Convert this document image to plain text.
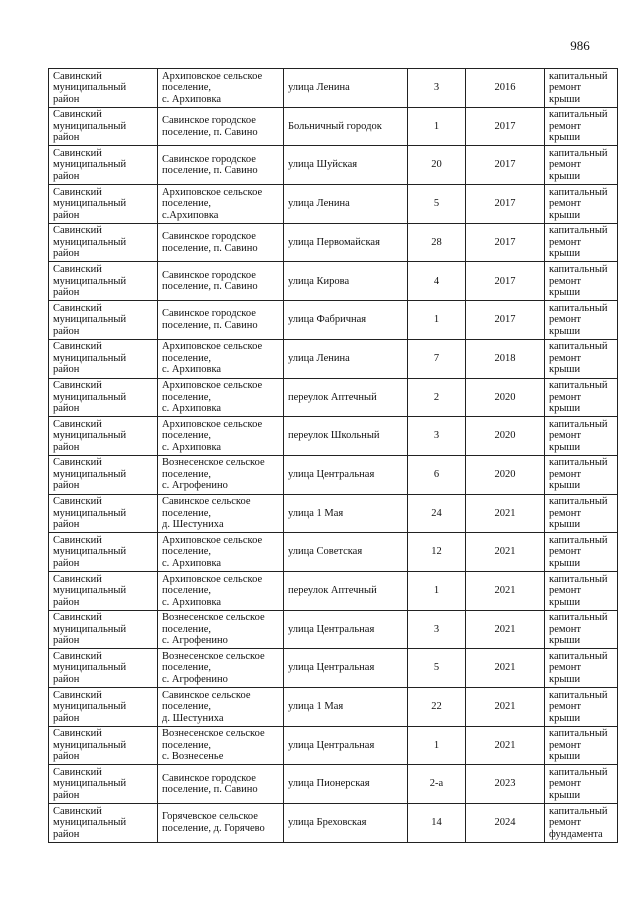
986
Савинский муниципальный район	Архиповское сельское
поселение,
с. Архиповка	улица Ленина	3	2016	капитальный ремонт крыши
Савинский муниципальный район	Савинское городское
поселение, п. Савино	Больничный городок	1	2017	капитальный ремонт крыши
Савинский муниципальный район	Савинское городское
поселение, п. Савино	улица Шуйская	20	2017	капитальный ремонт крыши
Савинский муниципальный район	Архиповское сельское
поселение,
с.Архиповка	улица Ленина	5	2017	капитальный ремонт крыши
Савинский муниципальный район	Савинское городское
поселение, п. Савино	улица Первомайская	28	2017	капитальный ремонт крыши
Савинский муниципальный район	Савинское городское
поселение, п. Савино	улица Кирова	4	2017	капитальный ремонт крыши
Савинский муниципальный район	Савинское городское
поселение, п. Савино	улица Фабричная	1	2017	капитальный ремонт крыши
Савинский муниципальный район	Архиповское сельское
поселение,
с. Архиповка	улица Ленина	7	2018	капитальный ремонт крыши
Савинский муниципальный район	Архиповское сельское
поселение,
с. Архиповка	переулок Аптечный	2	2020	капитальный ремонт крыши
Савинский муниципальный район	Архиповское сельское
поселение,
с. Архиповка	переулок Школьный	3	2020	капитальный ремонт крыши
Савинский муниципальный район	Вознесенское сельское
поселение,
с. Агрофенино	улица Центральная	6	2020	капитальный ремонт крыши
Савинский муниципальный район	Савинское сельское
поселение,
д. Шестунихa	улица 1 Мая	24	2021	капитальный ремонт крыши
Савинский муниципальный район	Архиповское сельское
поселение,
с. Архиповка	улица Советская	12	2021	капитальный ремонт крыши
Савинский муниципальный район	Архиповское сельское
поселение,
с. Архиповка	переулок Аптечный	1	2021	капитальный ремонт крыши
Савинский муниципальный район	Вознесенское сельское
поселение,
с. Агрофенино	улица Центральная	3	2021	капитальный ремонт крыши
Савинский муниципальный район	Вознесенское сельское
поселение,
с. Агрофенино	улица Центральная	5	2021	капитальный ремонт крыши
Савинский муниципальный район	Савинское сельское
поселение,
д. Шестуниха	улица 1 Мая	22	2021	капитальный ремонт крыши
Савинский муниципальный район	Вознесенское сельское
поселение,
с. Вознесенье	улица Центральная	1	2021	капитальный ремонт крыши
Савинский муниципальный район	Савинское городское
поселение, п. Савино	улица Пионерская	2-а	2023	капитальный ремонт крыши
Савинский муниципальный район	Горячевское сельское
поселение, д. Горячево	улица Бреховская	14	2024	капитальный ремонт фундамента
